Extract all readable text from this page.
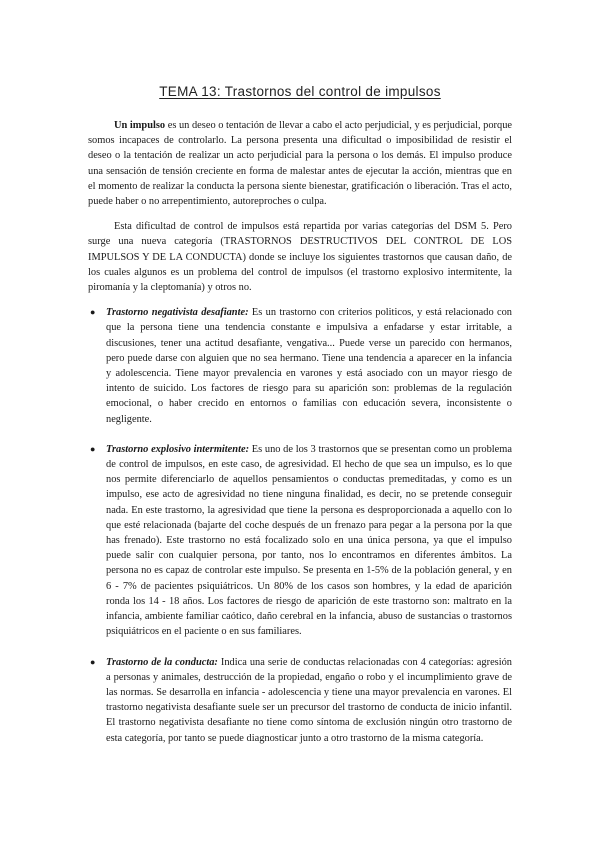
TEMA 13: Trastornos del control de impulsos

Un impulso es un deseo o tentación de llevar a cabo el acto perjudicial, y es perjudicial, porque somos incapaces de controlarlo. La persona presenta una dificultad o imposibilidad de resistir el deseo o la tentación de realizar un acto perjudicial para la persona o los demás. El impulso produce una sensación de tensión creciente en forma de malestar antes de ejecutar la acción, mientras que en el momento de realizar la conducta la persona siente bienestar, gratificación o liberación. Tras el acto, puede haber o no arrepentimiento, autoreproches o culpa.

Esta dificultad de control de impulsos está repartida por varias categorías del DSM 5. Pero surge una nueva categoría (TRASTORNOS DESTRUCTIVOS DEL CONTROL DE LOS IMPULSOS Y DE LA CONDUCTA) donde se incluye los siguientes trastornos que causan daño, de los cuales algunos es un problema del control de impulsos (el trastorno explosivo intermitente, la piromanía y la cleptomanía) y otros no.

● Trastorno negativista desafiante: Es un trastorno con criterios politicos, y está relacionado con que la persona tiene una tendencia constante e impulsiva a enfadarse y estar irritable, a discusiones, tener una actitud desafiante, vengativa... Puede verse un parecido con hermanos, pero puede darse con alguien que no sea hermano. Tiene una tendencia a aparecer en la infancia y adolescencia. Tiene mayor prevalencia en varones y está asociado con un mayor riesgo de intento de suicido. Los factores de riesgo para su aparición son: problemas de la regulación emocional, o haber crecido en entornos o familias con educación severa, inconsistente o negligente.
● Trastorno explosivo intermitente: Es uno de los 3 trastornos que se presentan como un problema de control de impulsos, en este caso, de agresividad. El hecho de que sea un impulso, es lo que nos permite diferenciarlo de aquellos pensamientos o conductas premeditadas, y como es un impulso, ese acto de agresividad no tiene ninguna finalidad, es decir, no se pretende conseguir nada. En este trastorno, la agresividad que tiene la persona es desproporcionada a aquello con lo que esté relacionada (bajarte del coche después de un frenazo para pegar a la persona por la que has frenado). Este trastorno no está focalizado solo en una única persona, ya que el impulso puede salir con cualquier persona, por tanto, nos lo encontramos en diferentes ámbitos. La persona no es capaz de controlar este impulso. Se presenta en 1-5% de la población general, y en 6 - 7% de pacientes psiquiátricos. Un 80% de los casos son hombres, y la edad de aparición ronda los 14 - 18 años. Los factores de riesgo de aparición de este trastorno son: maltrato en la infancia, ambiente familiar caótico, daño cerebral en la infancia, abuso de sustancias o trastornos psiquiátricos en el paciente o en sus familiares.
● Trastorno de la conducta: Indica una serie de conductas relacionadas con 4 categorías: agresión a personas y animales, destrucción de la propiedad, engaño o robo y el incumplimiento grave de las normas. Se desarrolla en infancia - adolescencia y tiene una mayor prevalencia en varones. El trastorno negativista desafiante suele ser un precursor del trastorno de conducta de inicio infantil. El trastorno negativista desafiante no tiene como síntoma de exclusión ningún otro trastorno de esta categoría, por tanto se puede diagnosticar junto a otro trastorno de la misma categoría.
